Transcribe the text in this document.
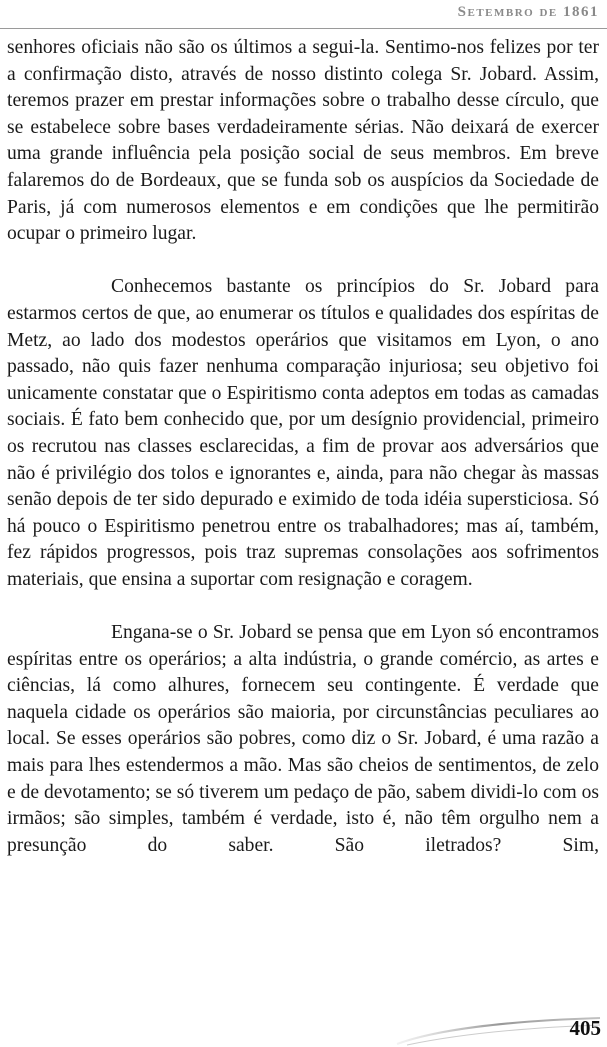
Setembro de 1861

senhores oficiais não são os últimos a segui-la. Sentimo-nos felizes por ter a confirmação disto, através de nosso distinto colega Sr. Jobard. Assim, teremos prazer em prestar informações sobre o trabalho desse círculo, que se estabelece sobre bases verdadeiramente sérias. Não deixará de exercer uma grande influência pela posição social de seus membros. Em breve falaremos do de Bordeaux, que se funda sob os auspícios da Sociedade de Paris, já com numerosos elementos e em condições que lhe permitirão ocupar o primeiro lugar.

Conhecemos bastante os princípios do Sr. Jobard para estarmos certos de que, ao enumerar os títulos e qualidades dos espíritas de Metz, ao lado dos modestos operários que visitamos em Lyon, o ano passado, não quis fazer nenhuma comparação injuriosa; seu objetivo foi unicamente constatar que o Espiritismo conta adeptos em todas as camadas sociais. É fato bem conhecido que, por um desígnio providencial, primeiro os recrutou nas classes esclarecidas, a fim de provar aos adversários que não é privilégio dos tolos e ignorantes e, ainda, para não chegar às massas senão depois de ter sido depurado e eximido de toda idéia supersticiosa. Só há pouco o Espiritismo penetrou entre os trabalhadores; mas aí, também, fez rápidos progressos, pois traz supremas consolações aos sofrimentos materiais, que ensina a suportar com resignação e coragem.

Engana-se o Sr. Jobard se pensa que em Lyon só encontramos espíritas entre os operários; a alta indústria, o grande comércio, as artes e ciências, lá como alhures, fornecem seu contingente. É verdade que naquela cidade os operários são maioria, por circunstâncias peculiares ao local. Se esses operários são pobres, como diz o Sr. Jobard, é uma razão a mais para lhes estendermos a mão. Mas são cheios de sentimentos, de zelo e de devotamento; se só tiverem um pedaço de pão, sabem dividi-lo com os irmãos; são simples, também é verdade, isto é, não têm orgulho nem a presunção do saber. São iletrados? Sim,

405
